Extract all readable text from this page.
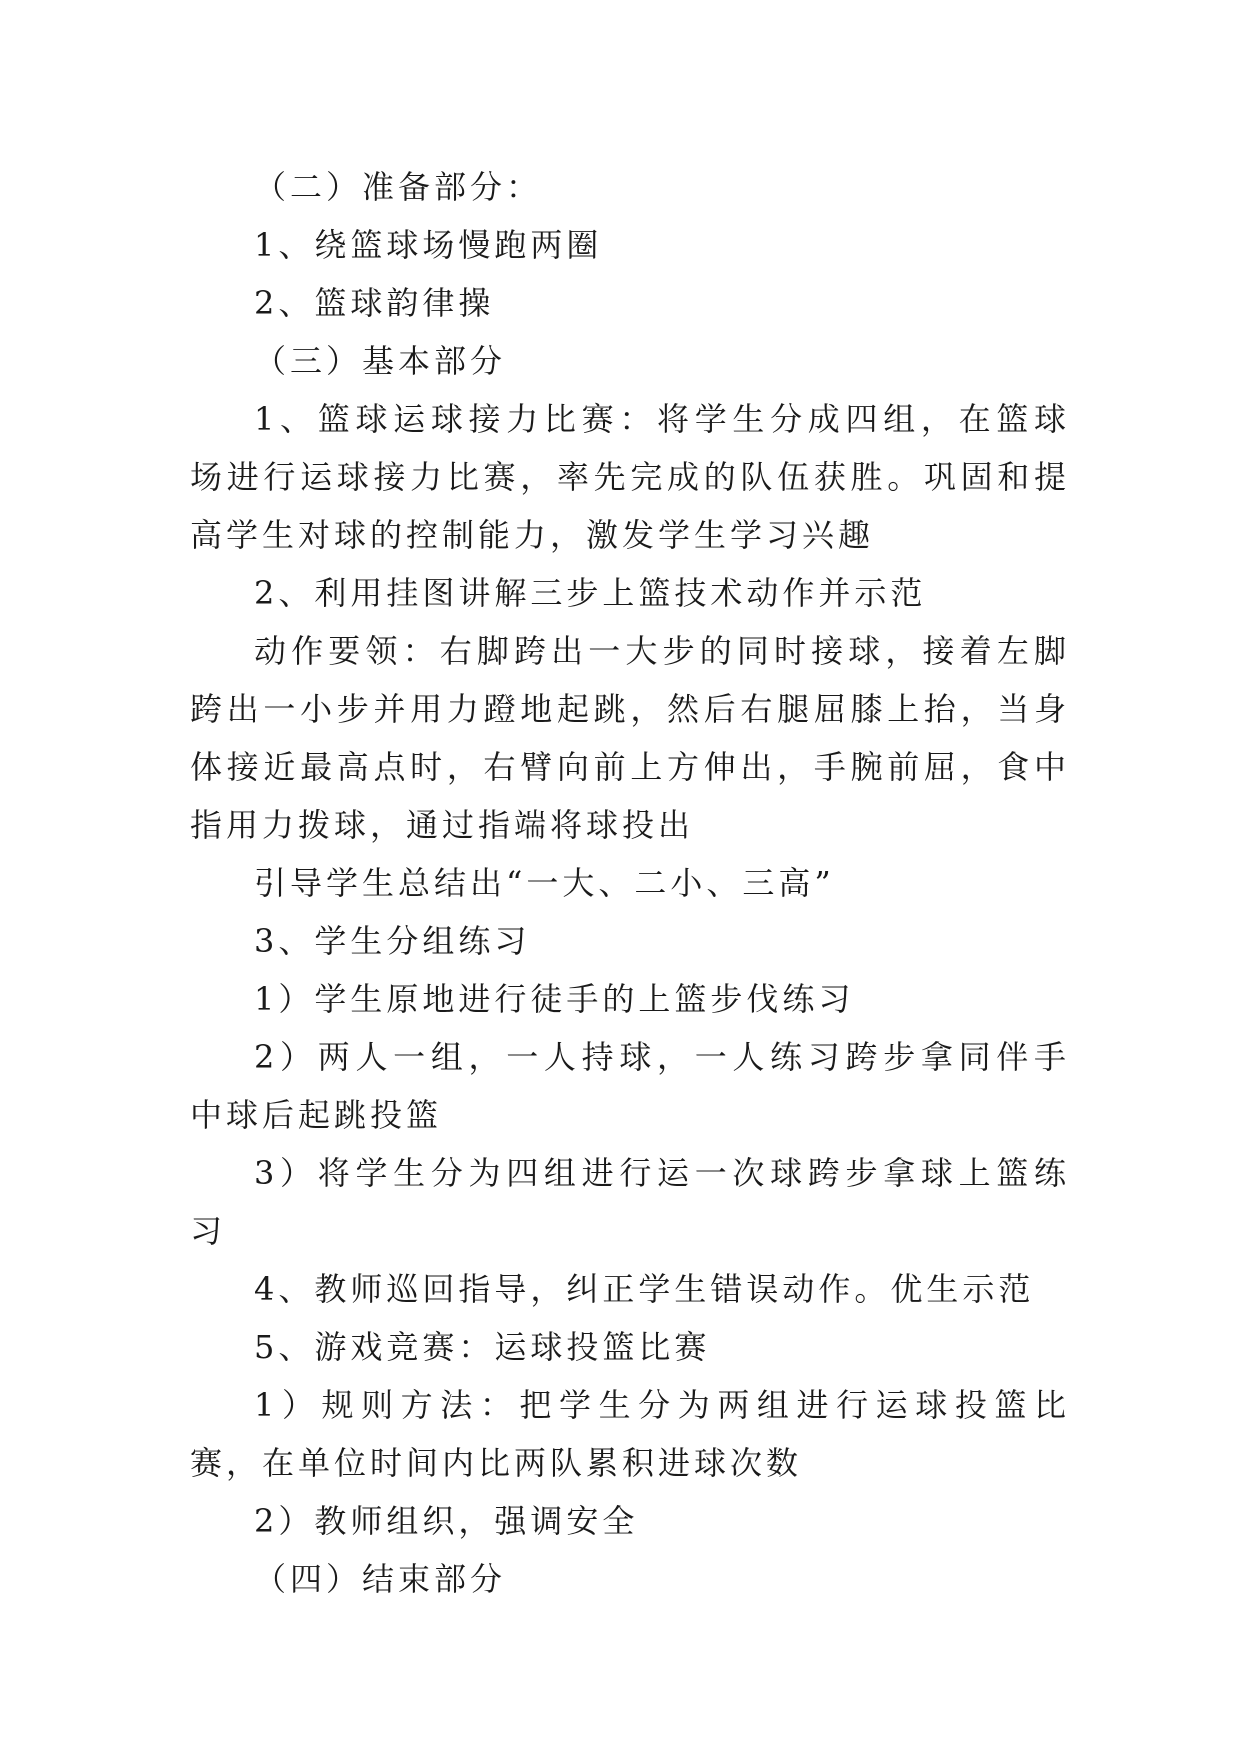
（二）准备部分：

1、绕篮球场慢跑两圈

2、篮球韵律操

（三）基本部分

1、篮球运球接力比赛：将学生分成四组，在篮球场进行运球接力比赛，率先完成的队伍获胜。巩固和提高学生对球的控制能力，激发学生学习兴趣

2、利用挂图讲解三步上篮技术动作并示范

动作要领：右脚跨出一大步的同时接球，接着左脚跨出一小步并用力蹬地起跳，然后右腿屈膝上抬，当身体接近最高点时，右臂向前上方伸出，手腕前屈，食中指用力拨球，通过指端将球投出

引导学生总结出“一大、二小、三高”

3、学生分组练习

1）学生原地进行徒手的上篮步伐练习

2）两人一组，一人持球，一人练习跨步拿同伴手中球后起跳投篮

3）将学生分为四组进行运一次球跨步拿球上篮练习

4、教师巡回指导，纠正学生错误动作。优生示范

5、游戏竞赛：运球投篮比赛

1）规则方法：把学生分为两组进行运球投篮比赛，在单位时间内比两队累积进球次数

2）教师组织，强调安全

（四）结束部分
